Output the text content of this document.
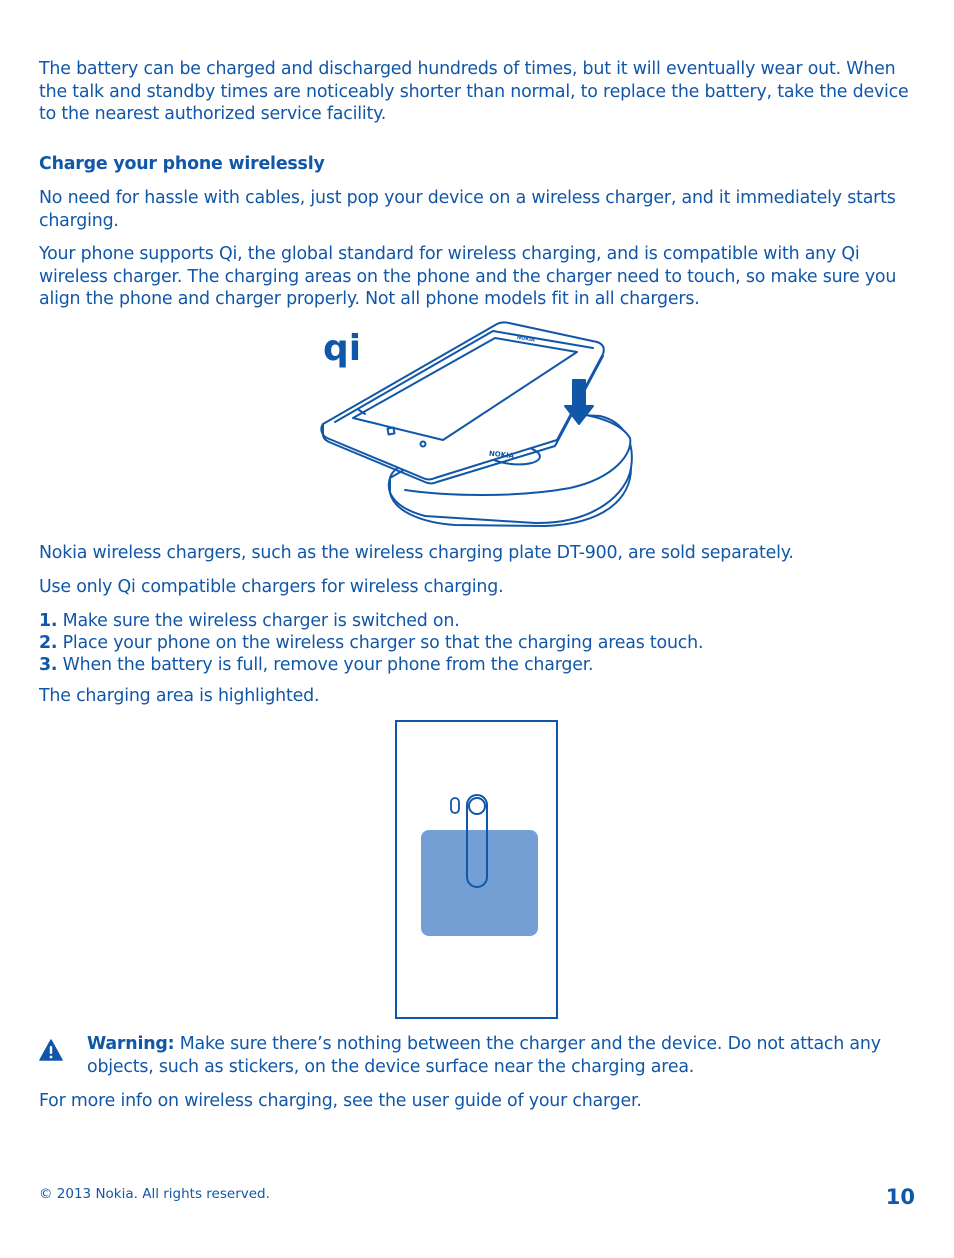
The battery can be charged and discharged hundreds of times, but it will eventually wear out. When the talk and standby times are noticeably shorter than normal, to replace the battery, take the device to the nearest authorized service facility.

Charge your phone wirelessly

No need for hassle with cables, just pop your device on a wireless charger, and it immediately starts charging.

Your phone supports Qi, the global standard for wireless charging, and is compatible with any Qi wireless charger. The charging areas on the phone and the charger need to touch, so make sure you align the phone and charger properly. Not all phone models fit in all chargers.

Nokia wireless chargers, such as the wireless charging plate DT-900, are sold separately.

Use only Qi compatible chargers for wireless charging.

1. Make sure the wireless charger is switched on.
2. Place your phone on the wireless charger so that the charging areas touch.
3. When the battery is full, remove your phone from the charger.

The charging area is highlighted.

Warning: Make sure there’s nothing between the charger and the device. Do not attach any objects, such as stickers, on the device surface near the charging area.

For more info on wireless charging, see the user guide of your charger.

qi
NOKIA
NOKIA
© 2013 Nokia. All rights reserved.	10
